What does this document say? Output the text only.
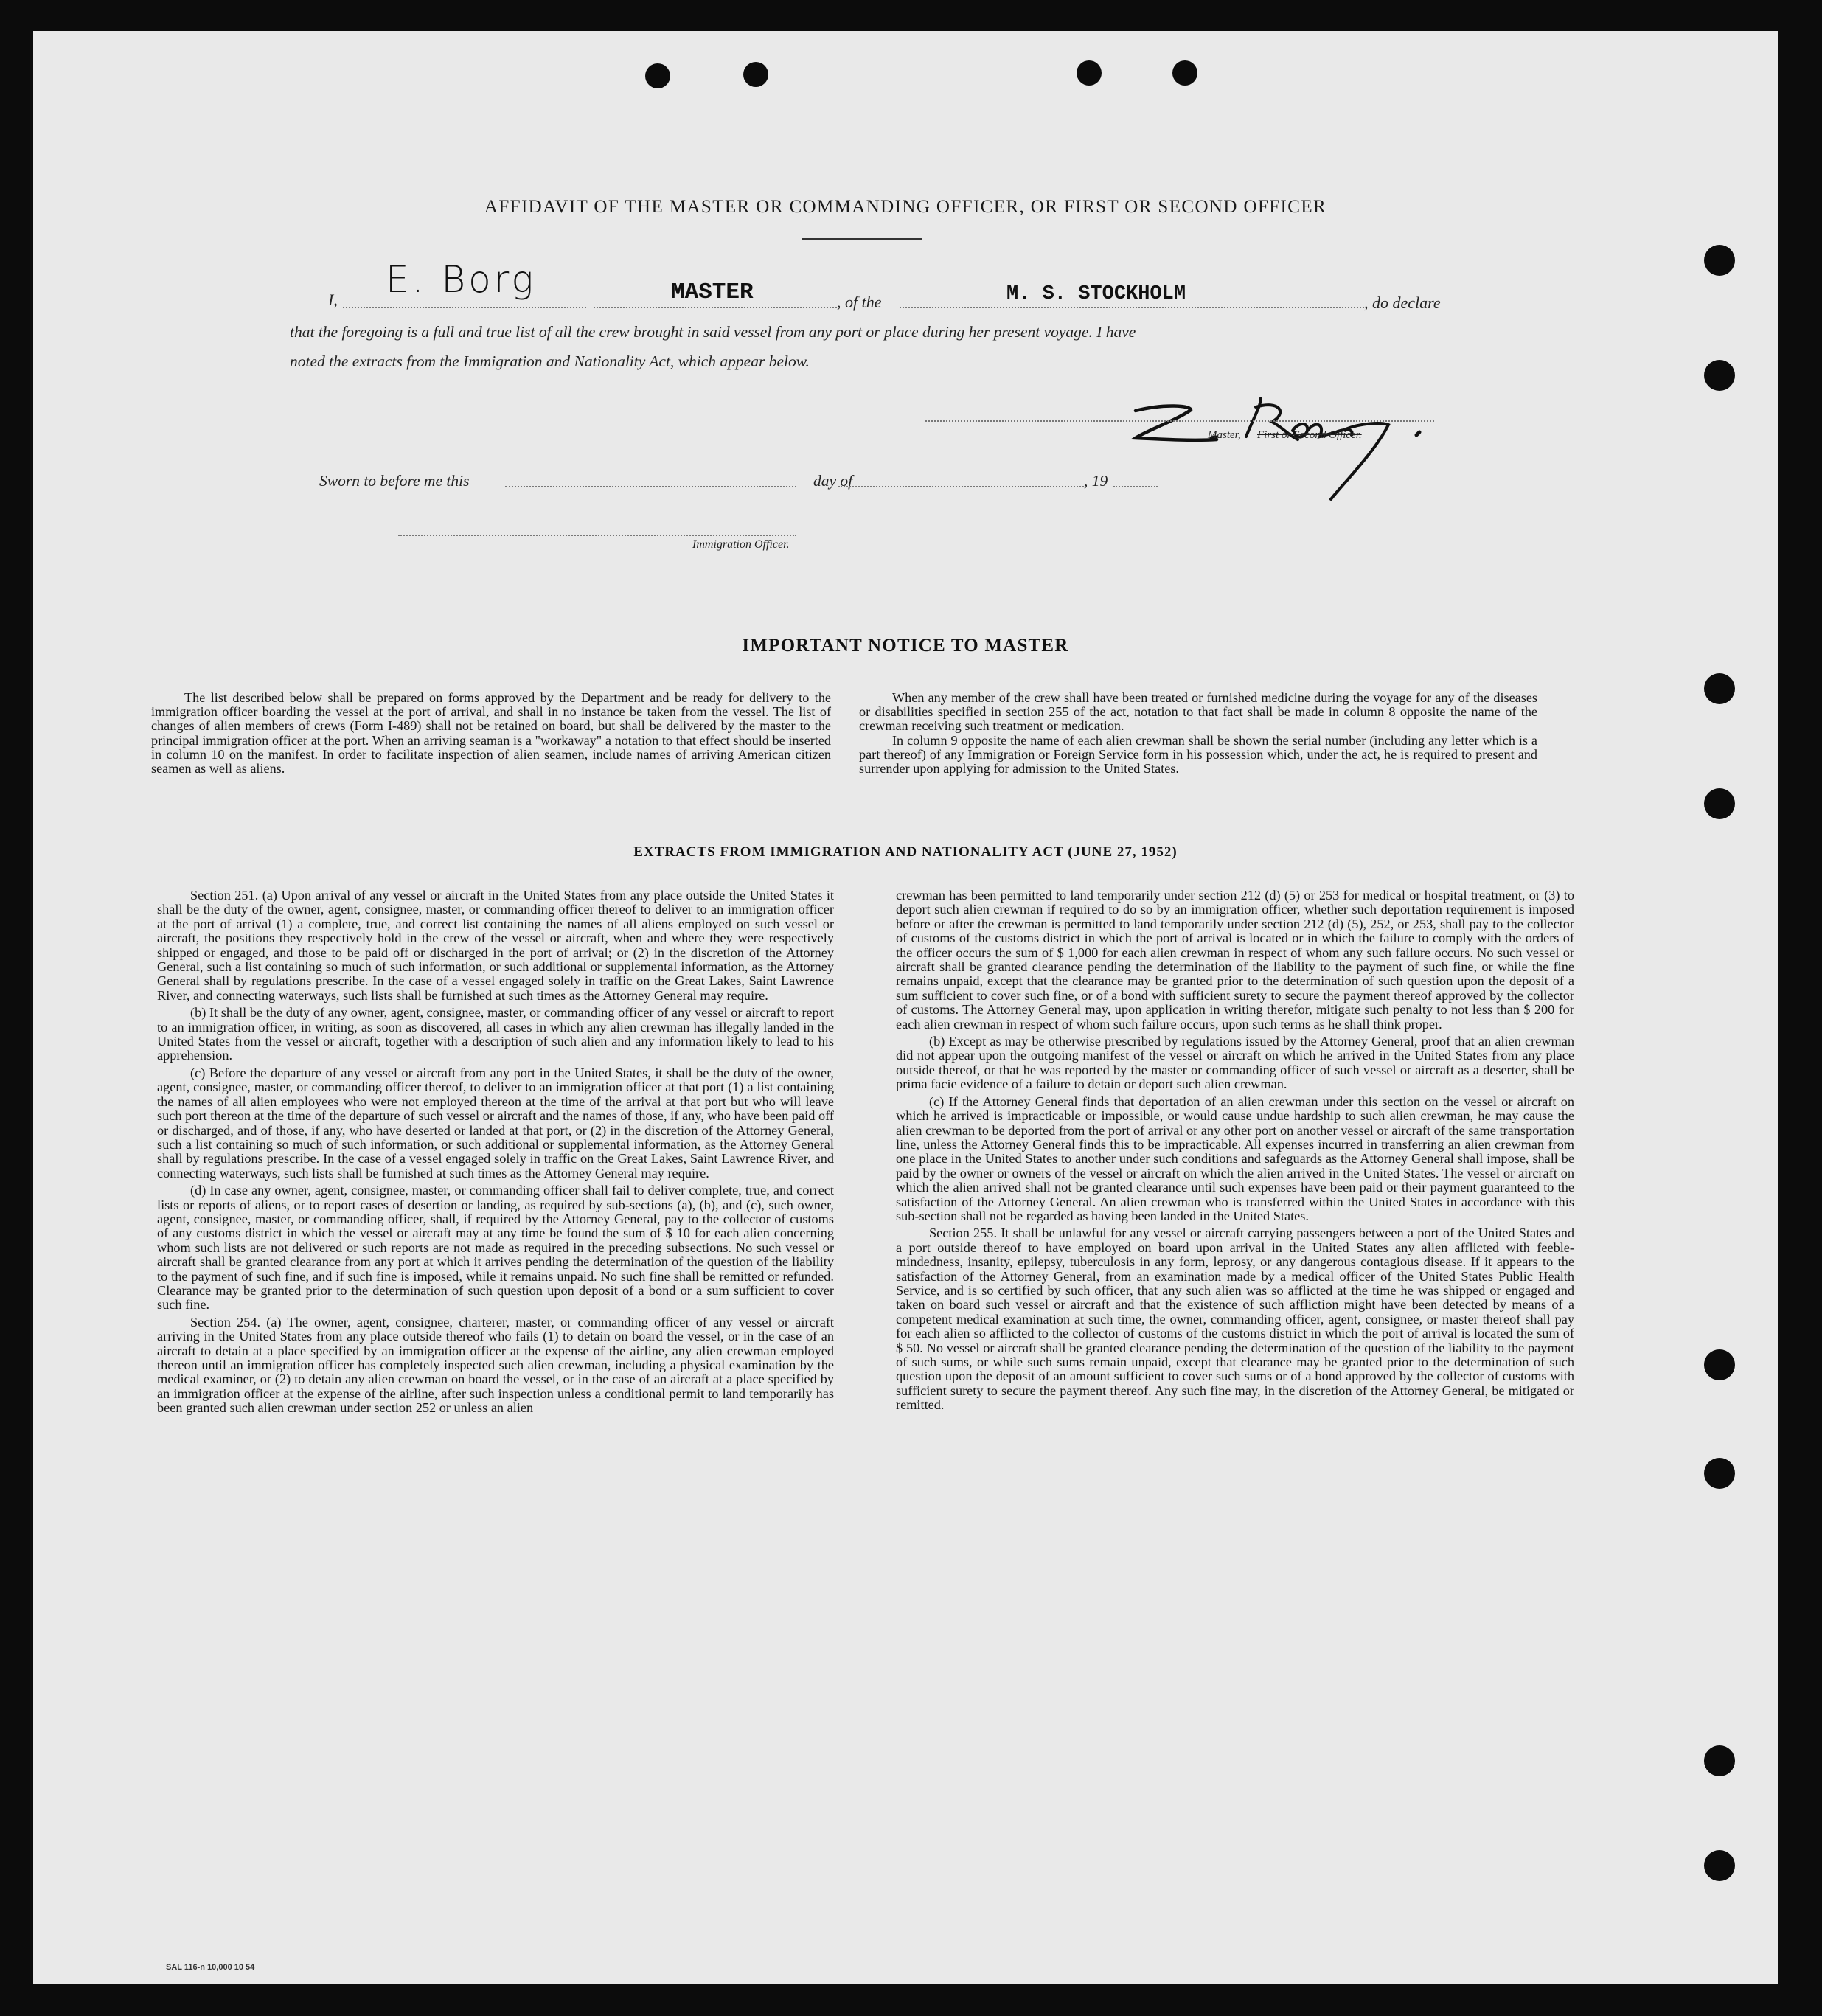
AFFIDAVIT OF THE MASTER OR COMMANDING OFFICER, OR FIRST OR SECOND OFFICER
I, E. Borg	MASTER	, of the	M. S. STOCKHOLM	, do declare
that the foregoing is a full and true list of all the crew brought in said vessel from any port or place during her present voyage. I have
noted the extracts from the Immigration and Nationality Act, which appear below.
Master, First or Second Officer.
Sworn to before me this	day of	, 19
Immigration Officer.
IMPORTANT NOTICE TO MASTER

The list described below shall be prepared on forms approved by the Department and be ready for delivery to the immigration officer boarding the vessel at the port of arrival, and shall in no instance be taken from the vessel. The list of changes of alien members of crews (Form I-489) shall not be retained on board, but shall be delivered by the master to the principal immigration officer at the port. When an arriving seaman is a "workaway" a notation to that effect should be inserted in column 10 on the manifest. In order to facilitate inspection of alien seamen, include names of arriving American citizen seamen as well as aliens.

When any member of the crew shall have been treated or furnished medicine during the voyage for any of the diseases or disabilities specified in section 255 of the act, notation to that fact shall be made in column 8 opposite the name of the crewman receiving such treatment or medication.

In column 9 opposite the name of each alien crewman shall be shown the serial number (including any letter which is a part thereof) of any Immigration or Foreign Service form in his possession which, under the act, he is required to present and surrender upon applying for admission to the United States.

EXTRACTS FROM IMMIGRATION AND NATIONALITY ACT (JUNE 27, 1952)

Section 251. (a) Upon arrival of any vessel or aircraft in the United States from any place outside the United States it shall be the duty of the owner, agent, consignee, master, or commanding officer thereof to deliver to an immigration officer at the port of arrival (1) a complete, true, and correct list containing the names of all aliens employed on such vessel or aircraft, the positions they respectively hold in the crew of the vessel or aircraft, when and where they were respectively shipped or engaged, and those to be paid off or discharged in the port of arrival; or (2) in the discretion of the Attorney General, such a list containing so much of such information, or such additional or supplemental information, as the Attorney General shall by regulations prescribe. In the case of a vessel engaged solely in traffic on the Great Lakes, Saint Lawrence River, and connecting waterways, such lists shall be furnished at such times as the Attorney General may require.

(b) It shall be the duty of any owner, agent, consignee, master, or commanding officer of any vessel or aircraft to report to an immigration officer, in writing, as soon as discovered, all cases in which any alien crewman has illegally landed in the United States from the vessel or aircraft, together with a description of such alien and any information likely to lead to his apprehension.

(c) Before the departure of any vessel or aircraft from any port in the United States, it shall be the duty of the owner, agent, consignee, master, or commanding officer thereof, to deliver to an immigration officer at that port (1) a list containing the names of all alien employees who were not employed thereon at the time of the arrival at that port but who will leave such port thereon at the time of the departure of such vessel or aircraft and the names of those, if any, who have been paid off or discharged, and of those, if any, who have deserted or landed at that port, or (2) in the discretion of the Attorney General, such a list containing so much of such information, or such additional or supplemental information, as the Attorney General shall by regulations prescribe. In the case of a vessel engaged solely in traffic on the Great Lakes, Saint Lawrence River, and connecting waterways, such lists shall be furnished at such times as the Attorney General may require.

(d) In case any owner, agent, consignee, master, or commanding officer shall fail to deliver complete, true, and correct lists or reports of aliens, or to report cases of desertion or landing, as required by sub-sections (a), (b), and (c), such owner, agent, consignee, master, or commanding officer, shall, if required by the Attorney General, pay to the collector of customs of any customs district in which the vessel or aircraft may at any time be found the sum of $ 10 for each alien concerning whom such lists are not delivered or such reports are not made as required in the preceding subsections. No such vessel or aircraft shall be granted clearance from any port at which it arrives pending the determination of the question of the liability to the payment of such fine, and if such fine is imposed, while it remains unpaid. No such fine shall be remitted or refunded. Clearance may be granted prior to the determination of such question upon deposit of a bond or a sum sufficient to cover such fine.

Section 254. (a) The owner, agent, consignee, charterer, master, or commanding officer of any vessel or aircraft arriving in the United States from any place outside thereof who fails (1) to detain on board the vessel, or in the case of an aircraft to detain at a place specified by an immigration officer at the expense of the airline, any alien crewman employed thereon until an immigration officer has completely inspected such alien crewman, including a physical examination by the medical examiner, or (2) to detain any alien crewman on board the vessel, or in the case of an aircraft at a place specified by an immigration officer at the expense of the airline, after such inspection unless a conditional permit to land temporarily has been granted such alien crewman under section 252 or unless an alien

crewman has been permitted to land temporarily under section 212 (d) (5) or 253 for medical or hospital treatment, or (3) to deport such alien crewman if required to do so by an immigration officer, whether such deportation requirement is imposed before or after the crewman is permitted to land temporarily under section 212 (d) (5), 252, or 253, shall pay to the collector of customs of the customs district in which the port of arrival is located or in which the failure to comply with the orders of the officer occurs the sum of $ 1,000 for each alien crewman in respect of whom any such failure occurs. No such vessel or aircraft shall be granted clearance pending the determination of the liability to the payment of such fine, or while the fine remains unpaid, except that the clearance may be granted prior to the determination of such question upon the deposit of a sum sufficient to cover such fine, or of a bond with sufficient surety to secure the payment thereof approved by the collector of customs. The Attorney General may, upon application in writing therefor, mitigate such penalty to not less than $ 200 for each alien crewman in respect of whom such failure occurs, upon such terms as he shall think proper.

(b) Except as may be otherwise prescribed by regulations issued by the Attorney General, proof that an alien crewman did not appear upon the outgoing manifest of the vessel or aircraft on which he arrived in the United States from any place outside thereof, or that he was reported by the master or commanding officer of such vessel or aircraft as a deserter, shall be prima facie evidence of a failure to detain or deport such alien crewman.

(c) If the Attorney General finds that deportation of an alien crewman under this section on the vessel or aircraft on which he arrived is impracticable or impossible, or would cause undue hardship to such alien crewman, he may cause the alien crewman to be deported from the port of arrival or any other port on another vessel or aircraft of the same transportation line, unless the Attorney General finds this to be impracticable. All expenses incurred in transferring an alien crewman from one place in the United States to another under such conditions and safeguards as the Attorney General shall impose, shall be paid by the owner or owners of the vessel or aircraft on which the alien arrived in the United States. The vessel or aircraft on which the alien arrived shall not be granted clearance until such expenses have been paid or their payment guaranteed to the satisfaction of the Attorney General. An alien crewman who is transferred within the United States in accordance with this sub-section shall not be regarded as having been landed in the United States.

Section 255. It shall be unlawful for any vessel or aircraft carrying passengers between a port of the United States and a port outside thereof to have employed on board upon arrival in the United States any alien afflicted with feeble-mindedness, insanity, epilepsy, tuberculosis in any form, leprosy, or any dangerous contagious disease. If it appears to the satisfaction of the Attorney General, from an examination made by a medical officer of the United States Public Health Service, and is so certified by such officer, that any such alien was so afflicted at the time he was shipped or engaged and taken on board such vessel or aircraft and that the existence of such affliction might have been detected by means of a competent medical examination at such time, the owner, commanding officer, agent, consignee, or master thereof shall pay for each alien so afflicted to the collector of customs of the customs district in which the port of arrival is located the sum of $ 50. No vessel or aircraft shall be granted clearance pending the determination of the question of the liability to the payment of such sums, or while such sums remain unpaid, except that clearance may be granted prior to the determination of such question upon the deposit of an amount sufficient to cover such sums or of a bond approved by the collector of customs with sufficient surety to secure the payment thereof. Any such fine may, in the discretion of the Attorney General, be mitigated or remitted.

SAL 116-n 10,000 10 54
